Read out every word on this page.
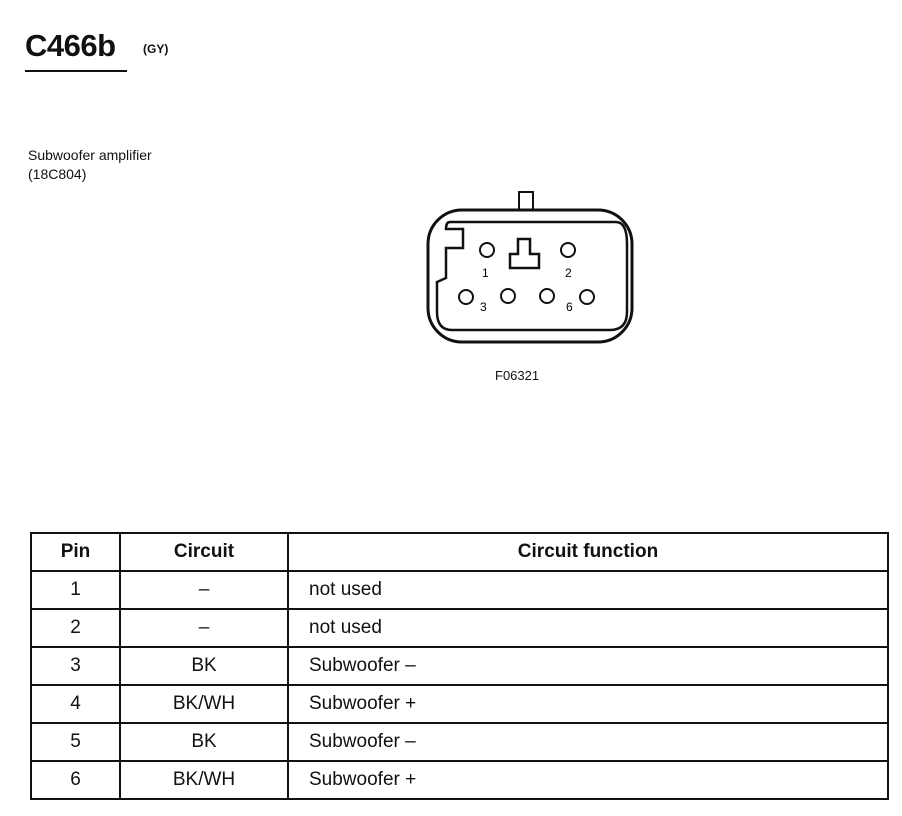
C466b (GY)
Subwoofer amplifier
(18C804)
1	2
3	6
F06321
Pin	Circuit	Circuit function
1	–	not used
2	–	not used
3	BK	Subwoofer –
4	BK/WH	Subwoofer +
5	BK	Subwoofer –
6	BK/WH	Subwoofer +
